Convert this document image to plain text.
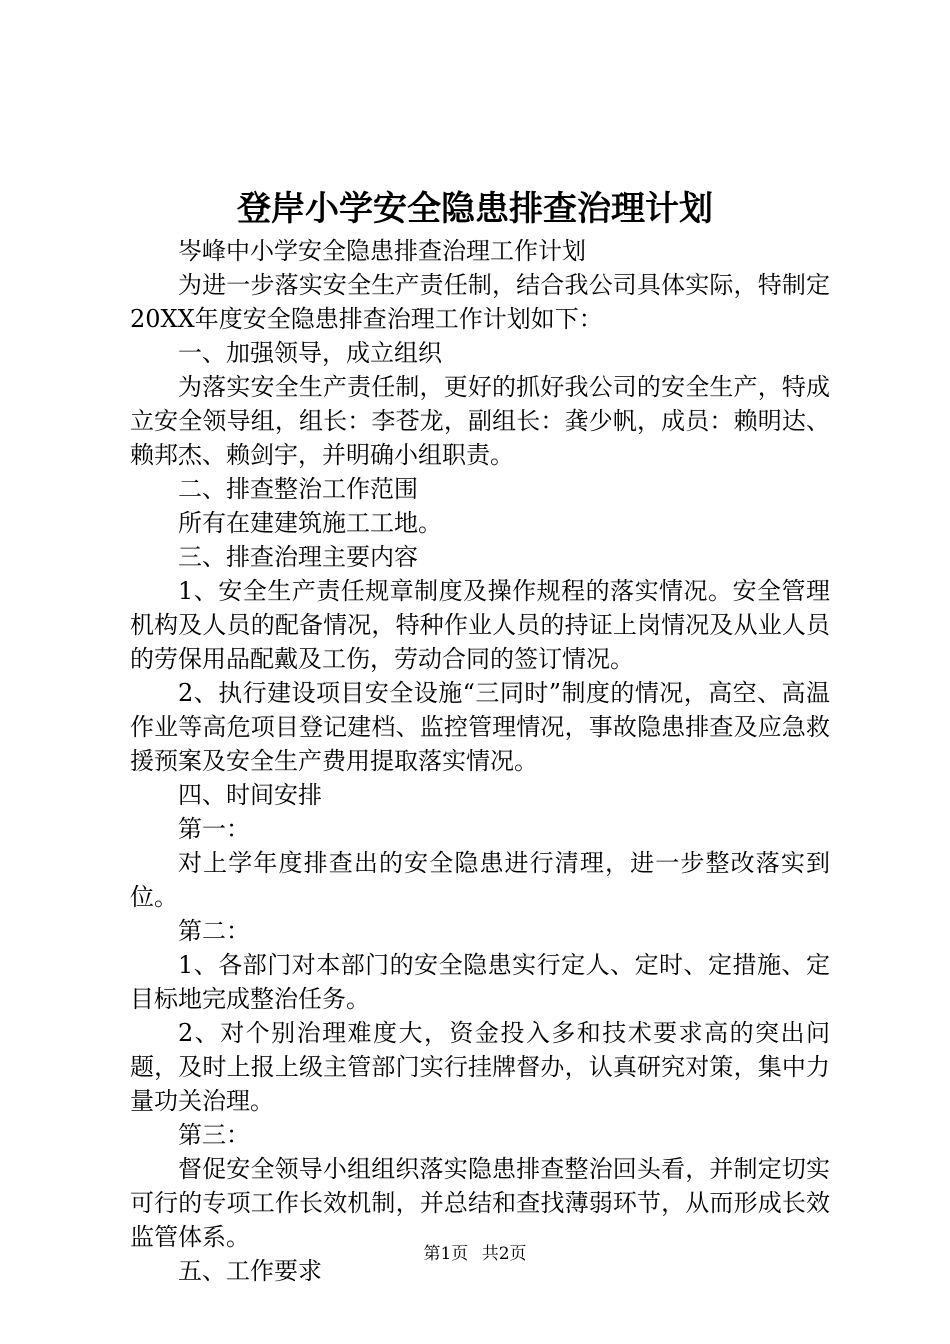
登岸小学安全隐患排查治理计划

岑峰中小学安全隐患排查治理工作计划

为进一步落实安全生产责任制，结合我公司具体实际，特制定20XX年度安全隐患排查治理工作计划如下：

一、加强领导，成立组织

为落实安全生产责任制，更好的抓好我公司的安全生产，特成立安全领导组，组长：李苍龙，副组长：龚少帆，成员：赖明达、赖邦杰、赖剑宇，并明确小组职责。

二、排查整治工作范围

所有在建建筑施工工地。

三、排查治理主要内容

1、安全生产责任规章制度及操作规程的落实情况。安全管理机构及人员的配备情况，特种作业人员的持证上岗情况及从业人员的劳保用品配戴及工伤，劳动合同的签订情况。

2、执行建设项目安全设施“三同时”制度的情况，高空、高温作业等高危项目登记建档、监控管理情况，事故隐患排查及应急救援预案及安全生产费用提取落实情况。

四、时间安排

第一：

对上学年度排查出的安全隐患进行清理，进一步整改落实到位。

第二：

1、各部门对本部门的安全隐患实行定人、定时、定措施、定目标地完成整治任务。

2、对个别治理难度大，资金投入多和技术要求高的突出问题，及时上报上级主管部门实行挂牌督办，认真研究对策，集中力量功关治理。

第三：

督促安全领导小组组织落实隐患排查整治回头看，并制定切实可行的专项工作长效机制，并总结和查找薄弱环节，从而形成长效监管体系。

五、工作要求

第1页 共2页
